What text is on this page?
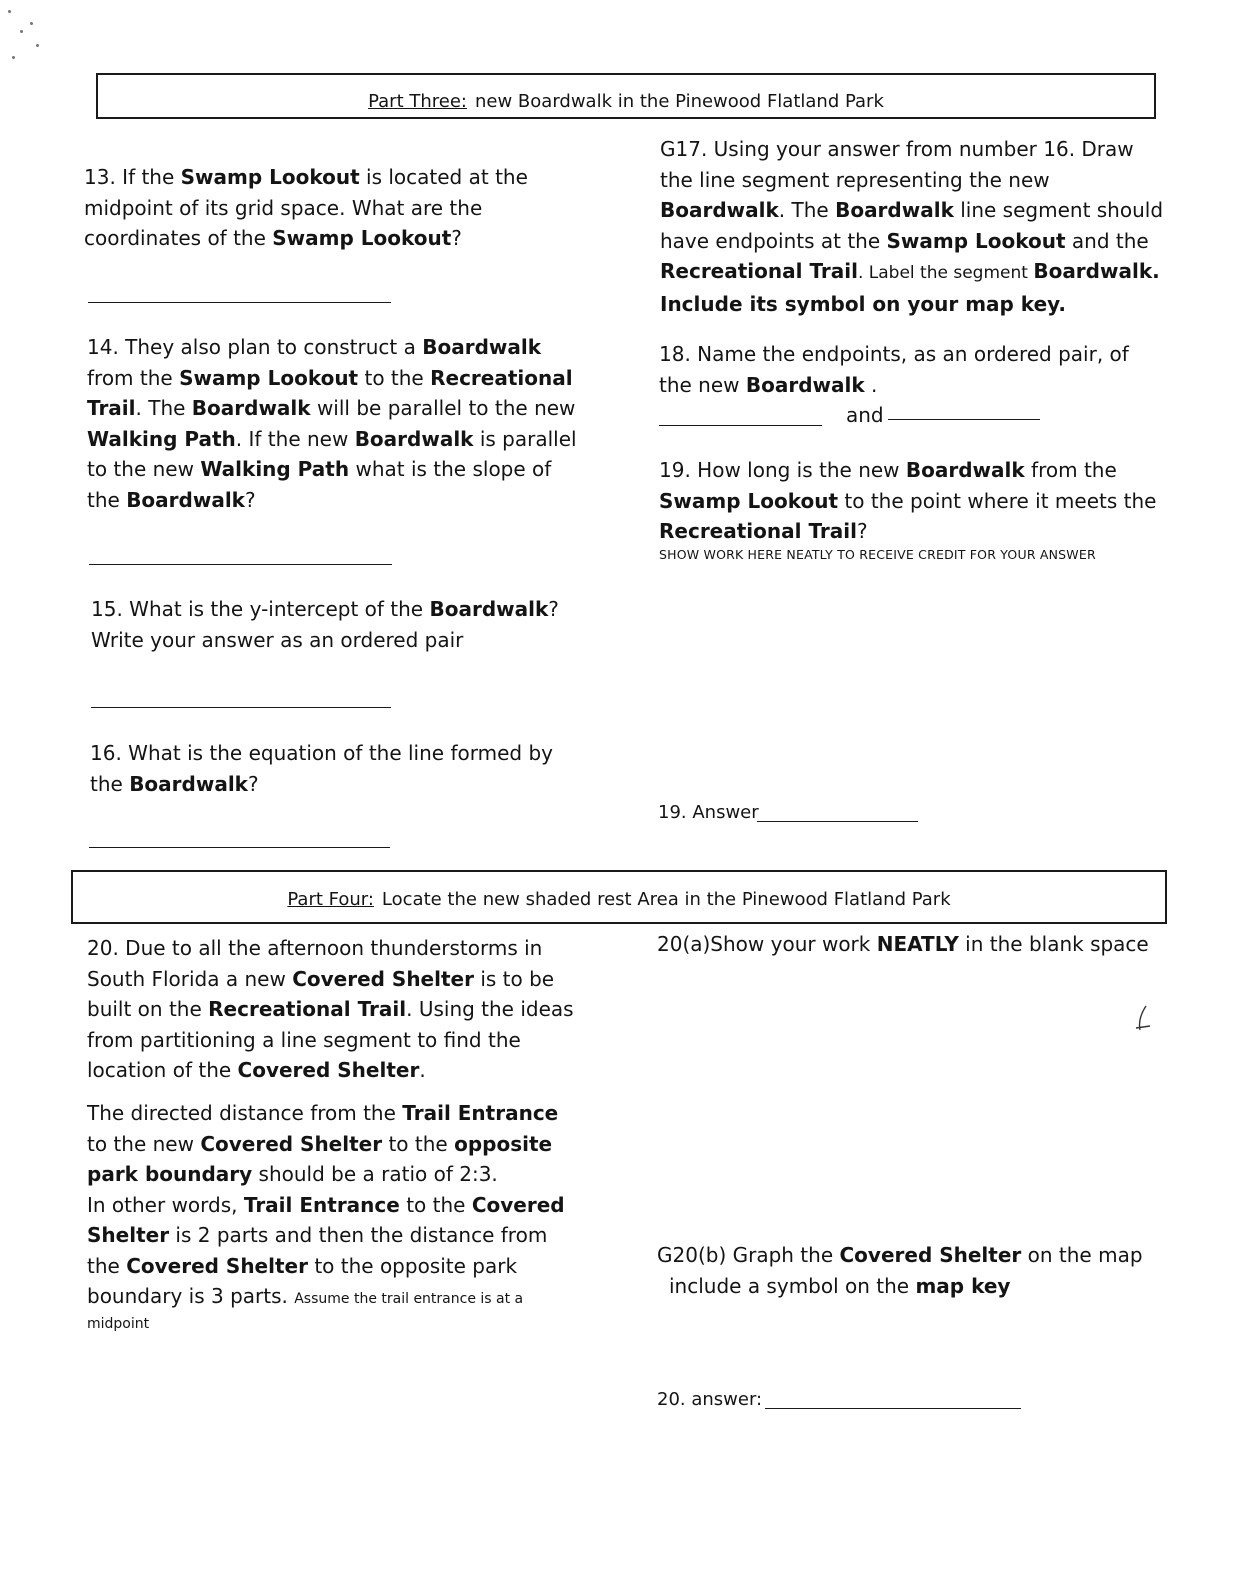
Part Three: new Boardwalk in the Pinewood Flatland Park
13. If the Swamp Lookout is located at the
midpoint of its grid space. What are the
coordinates of the Swamp Lookout?
14. They also plan to construct a Boardwalk
from the Swamp Lookout to the Recreational
Trail. The Boardwalk will be parallel to the new
Walking Path. If the new Boardwalk is parallel
to the new Walking Path what is the slope of
the Boardwalk?
15. What is the y-intercept of the Boardwalk?
Write your answer as an ordered pair
16. What is the equation of the line formed by
the Boardwalk?
G17. Using your answer from number 16. Draw
the line segment representing the new
Boardwalk. The Boardwalk line segment should
have endpoints at the Swamp Lookout and the
Recreational Trail. Label the segment Boardwalk.
Include its symbol on your map key.
18. Name the endpoints, as an ordered pair, of
the new Boardwalk .
and
19. How long is the new Boardwalk from the
Swamp Lookout to the point where it meets the
Recreational Trail?
SHOW WORK HERE NEATLY TO RECEIVE CREDIT FOR YOUR ANSWER
19. Answer
Part Four: Locate the new shaded rest Area in the Pinewood Flatland Park
20. Due to all the afternoon thunderstorms in
South Florida a new Covered Shelter is to be
built on the Recreational Trail. Using the ideas
from partitioning a line segment to find the
location of the Covered Shelter.
The directed distance from the Trail Entrance
to the new Covered Shelter to the opposite
park boundary should be a ratio of 2:3.
In other words, Trail Entrance to the Covered
Shelter is 2 parts and then the distance from
the Covered Shelter to the opposite park
boundary is 3 parts. Assume the trail entrance is at a
midpoint
20(a)Show your work NEATLY in the blank space
G20(b) Graph the Covered Shelter on the map
include a symbol on the map key
20. answer:
